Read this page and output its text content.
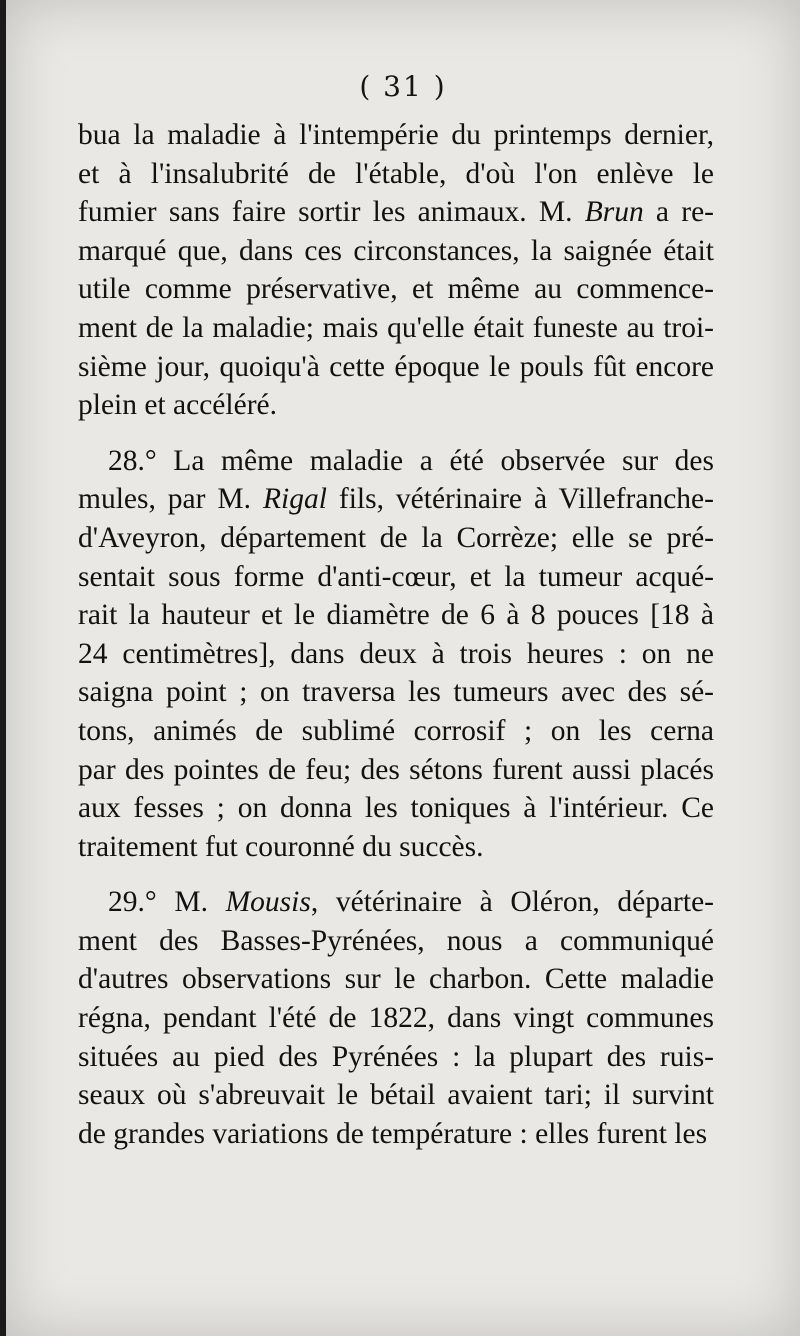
( 31 )
bua la maladie à l'intempérie du printemps dernier,
et à l'insalubrité de l'étable, d'où l'on enlève le
fumier sans faire sortir les animaux. M. Brun a re-
marqué que, dans ces circonstances, la saignée était
utile comme préservative, et même au commence-
ment de la maladie; mais qu'elle était funeste au troi-
sième jour, quoiqu'à cette époque le pouls fût encore
plein et accéléré.
28.° La même maladie a été observée sur des
mules, par M. Rigal fils, vétérinaire à Villefranche-
d'Aveyron, département de la Corrèze; elle se pré-
sentait sous forme d'anti-cœur, et la tumeur acqué-
rait la hauteur et le diamètre de 6 à 8 pouces [18 à
24 centimètres], dans deux à trois heures : on ne
saigna point ; on traversa les tumeurs avec des sé-
tons, animés de sublimé corrosif ; on les cerna
par des pointes de feu; des sétons furent aussi placés
aux fesses ; on donna les toniques à l'intérieur. Ce
traitement fut couronné du succès.
29.° M. Mousis, vétérinaire à Oléron, départe-
ment des Basses-Pyrénées, nous a communiqué
d'autres observations sur le charbon. Cette maladie
régna, pendant l'été de 1822, dans vingt communes
situées au pied des Pyrénées : la plupart des ruis-
seaux où s'abreuvait le bétail avaient tari; il survint
de grandes variations de température : elles furent les
